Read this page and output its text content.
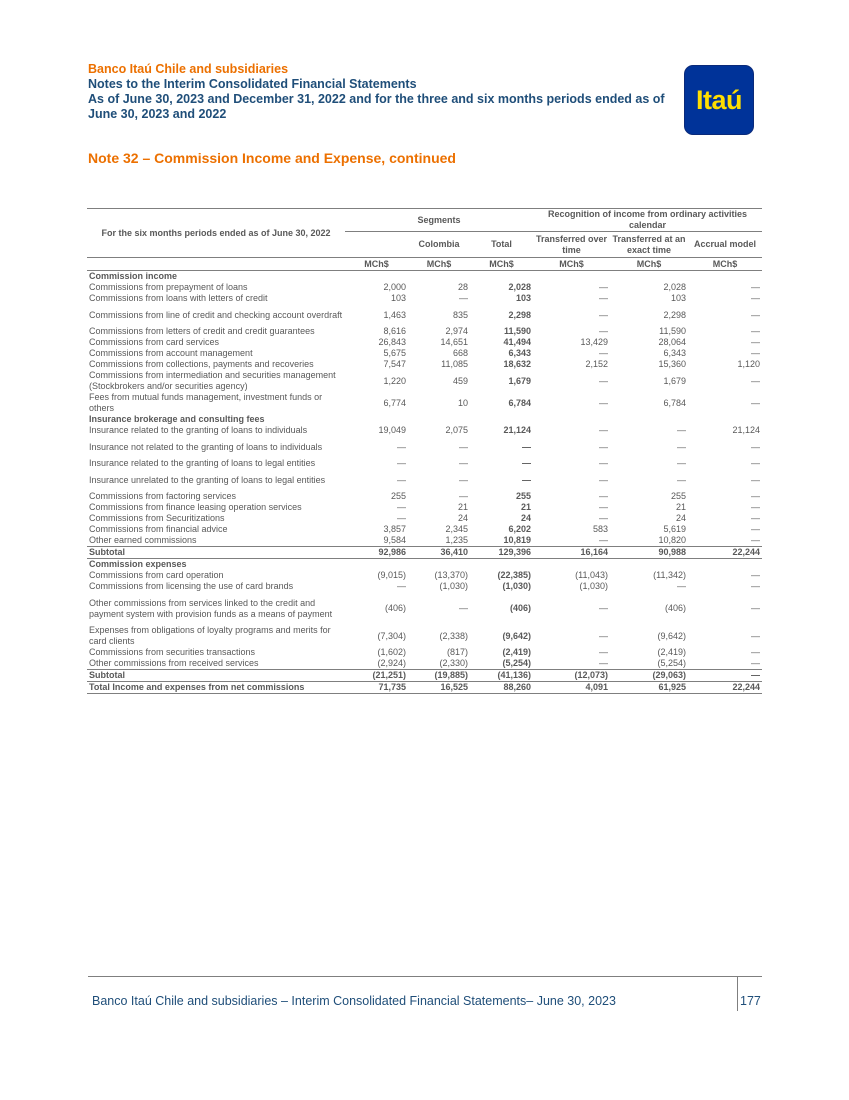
Banco Itaú Chile and subsidiaries
Notes to the Interim Consolidated Financial Statements
As of June 30, 2023 and December 31, 2022 and for the three and six months periods ended as of June 30, 2023 and 2022	Itaú
Note 32 – Commission Income and Expense, continued
For the six months periods ended as of June 30, 2022	Segments			Recognition of income from ordinary activities calendar		
		Colombia	Total	Transferred over time	Transferred at an exact time	Accrual model
	MCh$	MCh$	MCh$	MCh$	MCh$	MCh$
Commission income						
Commissions from prepayment of loans	2,000	28	2,028	—	2,028	—
Commissions from loans with letters of credit	103	—	103	—	103	—
Commissions from line of credit and checking account overdraft	1,463	835	2,298	—	2,298	—
Commissions from letters of credit and credit guarantees	8,616	2,974	11,590	—	11,590	—
Commissions from card services	26,843	14,651	41,494	13,429	28,064	—
Commissions from account management	5,675	668	6,343	—	6,343	—
Commissions from collections, payments and recoveries	7,547	11,085	18,632	2,152	15,360	1,120
Commissions from intermediation and securities management (Stockbrokers and/or securities agency)	1,220	459	1,679	—	1,679	—
Fees from mutual funds management, investment funds or others	6,774	10	6,784	—	6,784	—
Insurance brokerage and consulting fees						
Insurance related to the granting of loans to individuals	19,049	2,075	21,124	—	—	21,124
Insurance not related to the granting of loans to individuals	—	—	—	—	—	—
Insurance related to the granting of loans to legal entities	—	—	—	—	—	—
Insurance unrelated to the granting of loans to legal entities	—	—	—	—	—	—
Commissions from factoring services	255	—	255	—	255	—
Commissions from finance leasing operation services	—	21	21	—	21	—
Commissions from Securitizations	—	24	24	—	24	—
Commissions from financial advice	3,857	2,345	6,202	583	5,619	—
Other earned commissions	9,584	1,235	10,819	—	10,820	—
Subtotal	92,986	36,410	129,396	16,164	90,988	22,244
Commission expenses						
Commissions from card operation	(9,015)	(13,370)	(22,385)	(11,043)	(11,342)	—
Commissions from licensing the use of card brands	—	(1,030)	(1,030)	(1,030)	—	—
Other commissions from services linked to the credit and payment system with provision funds as a means of payment	(406)	—	(406)	—	(406)	—
Expenses from obligations of loyalty programs and merits for card clients	(7,304)	(2,338)	(9,642)	—	(9,642)	—
Commissions from securities transactions	(1,602)	(817)	(2,419)	—	(2,419)	—
Other commissions from received services	(2,924)	(2,330)	(5,254)	—	(5,254)	—
Subtotal	(21,251)	(19,885)	(41,136)	(12,073)	(29,063)	—
Total Income and expenses from net commissions	71,735	16,525	88,260	4,091	61,925	22,244
Banco Itaú Chile and subsidiaries – Interim Consolidated Financial Statements– June 30, 2023	177
